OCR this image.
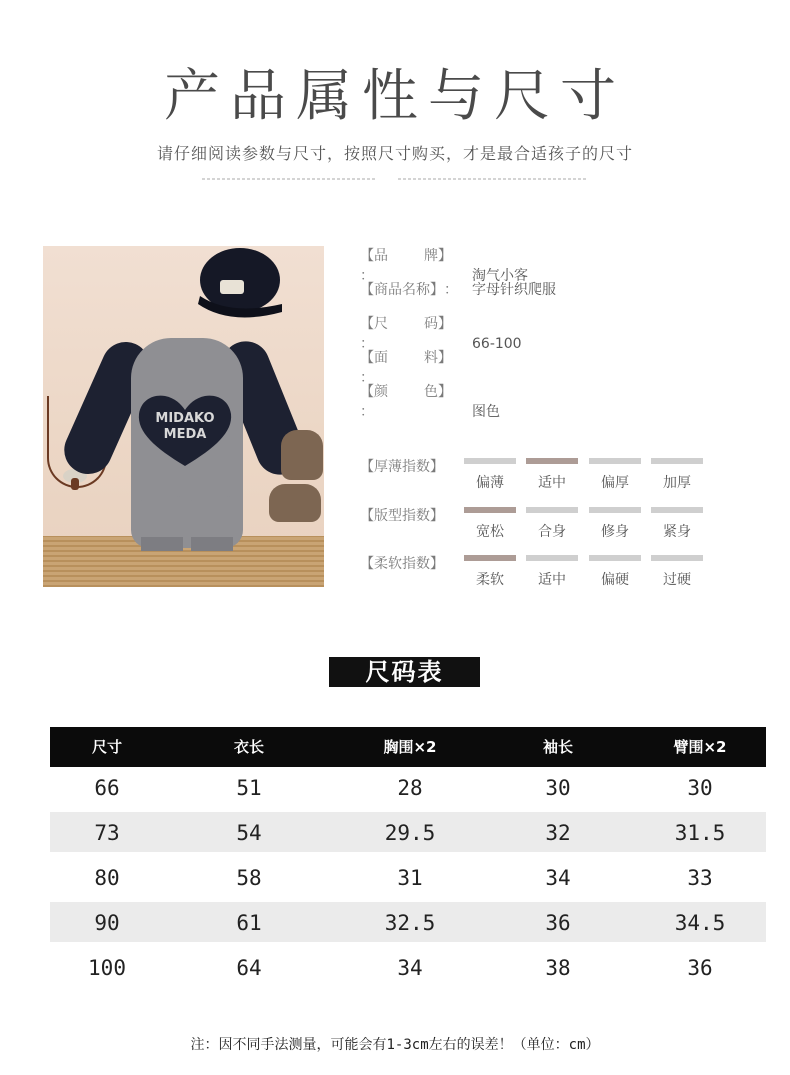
产品属性与尺寸
请仔细阅读参数与尺寸，按照尺寸购买，才是最合适孩子的尺寸
MIDAKO
MEDA
【 品	牌 】：	淘气小客
【商品名称】： 字母针织爬服
【 尺	码 】：	66-100
【 面	料 】：
【 颜	色 】：	图色
【厚薄指数】
偏薄	适中	偏厚	加厚
【版型指数】
宽松	合身	修身	紧身
【柔软指数】
柔软	适中	偏硬	过硬
尺码表
尺寸	衣长	胸围×2	袖长	臂围×2
66	51	28	30	30
73	54	29.5	32	31.5
80	58	31	34	33
90	61	32.5	36	34.5
100	64	34	38	36
注：因不同手法测量，可能会有1-3cm左右的误差！（单位：cm）
